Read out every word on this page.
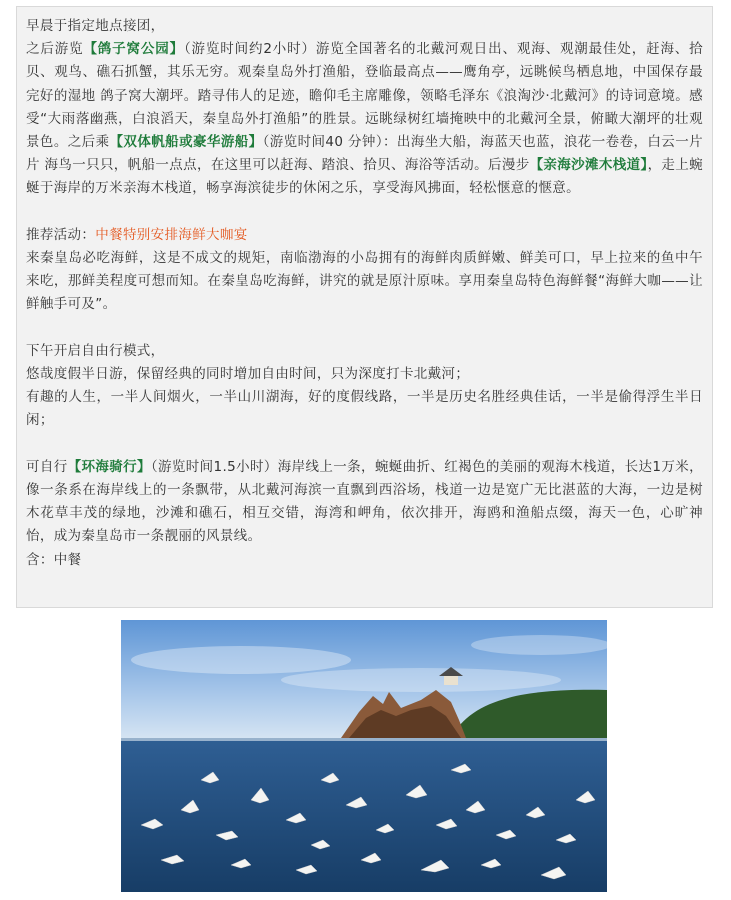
早晨于指定地点接团，

之后游览【鸽子窝公园】（游览时间约2小时）游览全国著名的北戴河观日出、观海、观潮最佳处，赶海、拾贝、观鸟、礁石抓蟹，其乐无穷。观秦皇岛外打渔船，登临最高点——鹰角亭，远眺候鸟栖息地，中国保存最完好的湿地 鸽子窝大潮坪。踏寻伟人的足迹，瞻仰毛主席雕像，领略毛泽东《浪淘沙·北戴河》的诗词意境。感受“大雨落幽燕，白浪滔天，秦皇岛外打渔船”的胜景。远眺绿树红墙掩映中的北戴河全景，俯瞰大潮坪的壮观景色。之后乘【双体帆船或豪华游船】（游览时间40 分钟）：出海坐大船，海蓝天也蓝，浪花一卷卷，白云一片片 海鸟一只只，帆船一点点，在这里可以赶海、踏浪、拾贝、海浴等活动。后漫步【亲海沙滩木栈道】，走上蜿蜒于海岸的万米亲海木栈道，畅享海滨徒步的休闲之乐，享受海风拂面，轻松惬意的惬意。

推荐活动：中餐特别安排海鲜大咖宴

来秦皇岛必吃海鲜，这是不成文的规矩，南临渤海的小岛拥有的海鲜肉质鲜嫩、鲜美可口，早上拉来的鱼中午来吃，那鲜美程度可想而知。在秦皇岛吃海鲜，讲究的就是原汁原味。享用秦皇岛特色海鲜餐“海鲜大咖——让鲜触手可及”。

下午开启自由行模式，

悠哉度假半日游，保留经典的同时增加自由时间，只为深度打卡北戴河；

有趣的人生，一半人间烟火，一半山川湖海，好的度假线路，一半是历史名胜经典佳话，一半是偷得浮生半日闲；

可自行【环海骑行】（游览时间1.5小时）海岸线上一条，蜿蜒曲折、红褐色的美丽的观海木栈道，长达1万米，像一条系在海岸线上的一条飘带，从北戴河海滨一直飘到西浴场，栈道一边是宽广无比湛蓝的大海，一边是树木花草丰茂的绿地，沙滩和礁石，相互交错，海湾和岬角，依次排开，海鸥和渔船点缀，海天一色，心旷神怡，成为秦皇岛市一条靓丽的风景线。

含：中餐
